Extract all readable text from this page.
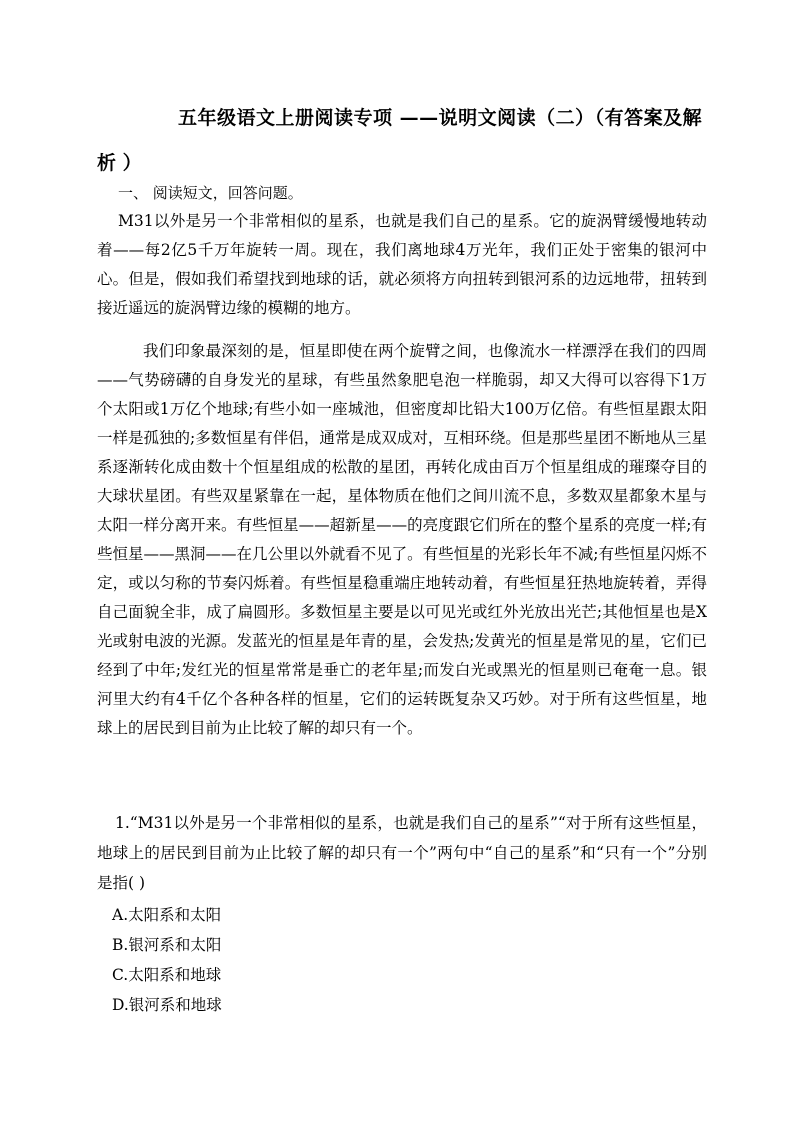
五年级语文上册阅读专项 ——说明文阅读（二）（有答案及解
析 ）
一、 阅读短文，回答问题。
M31以外是另一个非常相似的星系，也就是我们自己的星系。它的旋涡臂缓慢地转动着——每2亿5千万年旋转一周。现在，我们离地球4万光年，我们正处于密集的银河中心。但是，假如我们希望找到地球的话，就必须将方向扭转到银河系的边远地带，扭转到接近遥远的旋涡臂边缘的模糊的地方。
我们印象最深刻的是，恒星即使在两个旋臂之间，也像流水一样漂浮在我们的四周——气势磅礴的自身发光的星球，有些虽然象肥皂泡一样脆弱，却又大得可以容得下1万个太阳或1万亿个地球;有些小如一座城池，但密度却比铅大100万亿倍。有些恒星跟太阳一样是孤独的;多数恒星有伴侣，通常是成双成对，互相环绕。但是那些星团不断地从三星系逐渐转化成由数十个恒星组成的松散的星团，再转化成由百万个恒星组成的璀璨夺目的大球状星团。有些双星紧靠在一起，星体物质在他们之间川流不息，多数双星都象木星与太阳一样分离开来。有些恒星——超新星——的亮度跟它们所在的整个星系的亮度一样;有些恒星——黑洞——在几公里以外就看不见了。有些恒星的光彩长年不减;有些恒星闪烁不定，或以匀称的节奏闪烁着。有些恒星稳重端庄地转动着，有些恒星狂热地旋转着，弄得自己面貌全非，成了扁圆形。多数恒星主要是以可见光或红外光放出光芒;其他恒星也是X光或射电波的光源。发蓝光的恒星是年青的星，会发热;发黄光的恒星是常见的星，它们已经到了中年;发红光的恒星常常是垂亡的老年星;而发白光或黑光的恒星则已奄奄一息。银河里大约有4千亿个各种各样的恒星，它们的运转既复杂又巧妙。对于所有这些恒星，地球上的居民到目前为止比较了解的却只有一个。
1.“M31以外是另一个非常相似的星系，也就是我们自己的星系”“对于所有这些恒星，地球上的居民到目前为止比较了解的却只有一个”两句中“自己的星系”和“只有一个”分别是指( )
A.太阳系和太阳
B.银河系和太阳
C.太阳系和地球
D.银河系和地球
